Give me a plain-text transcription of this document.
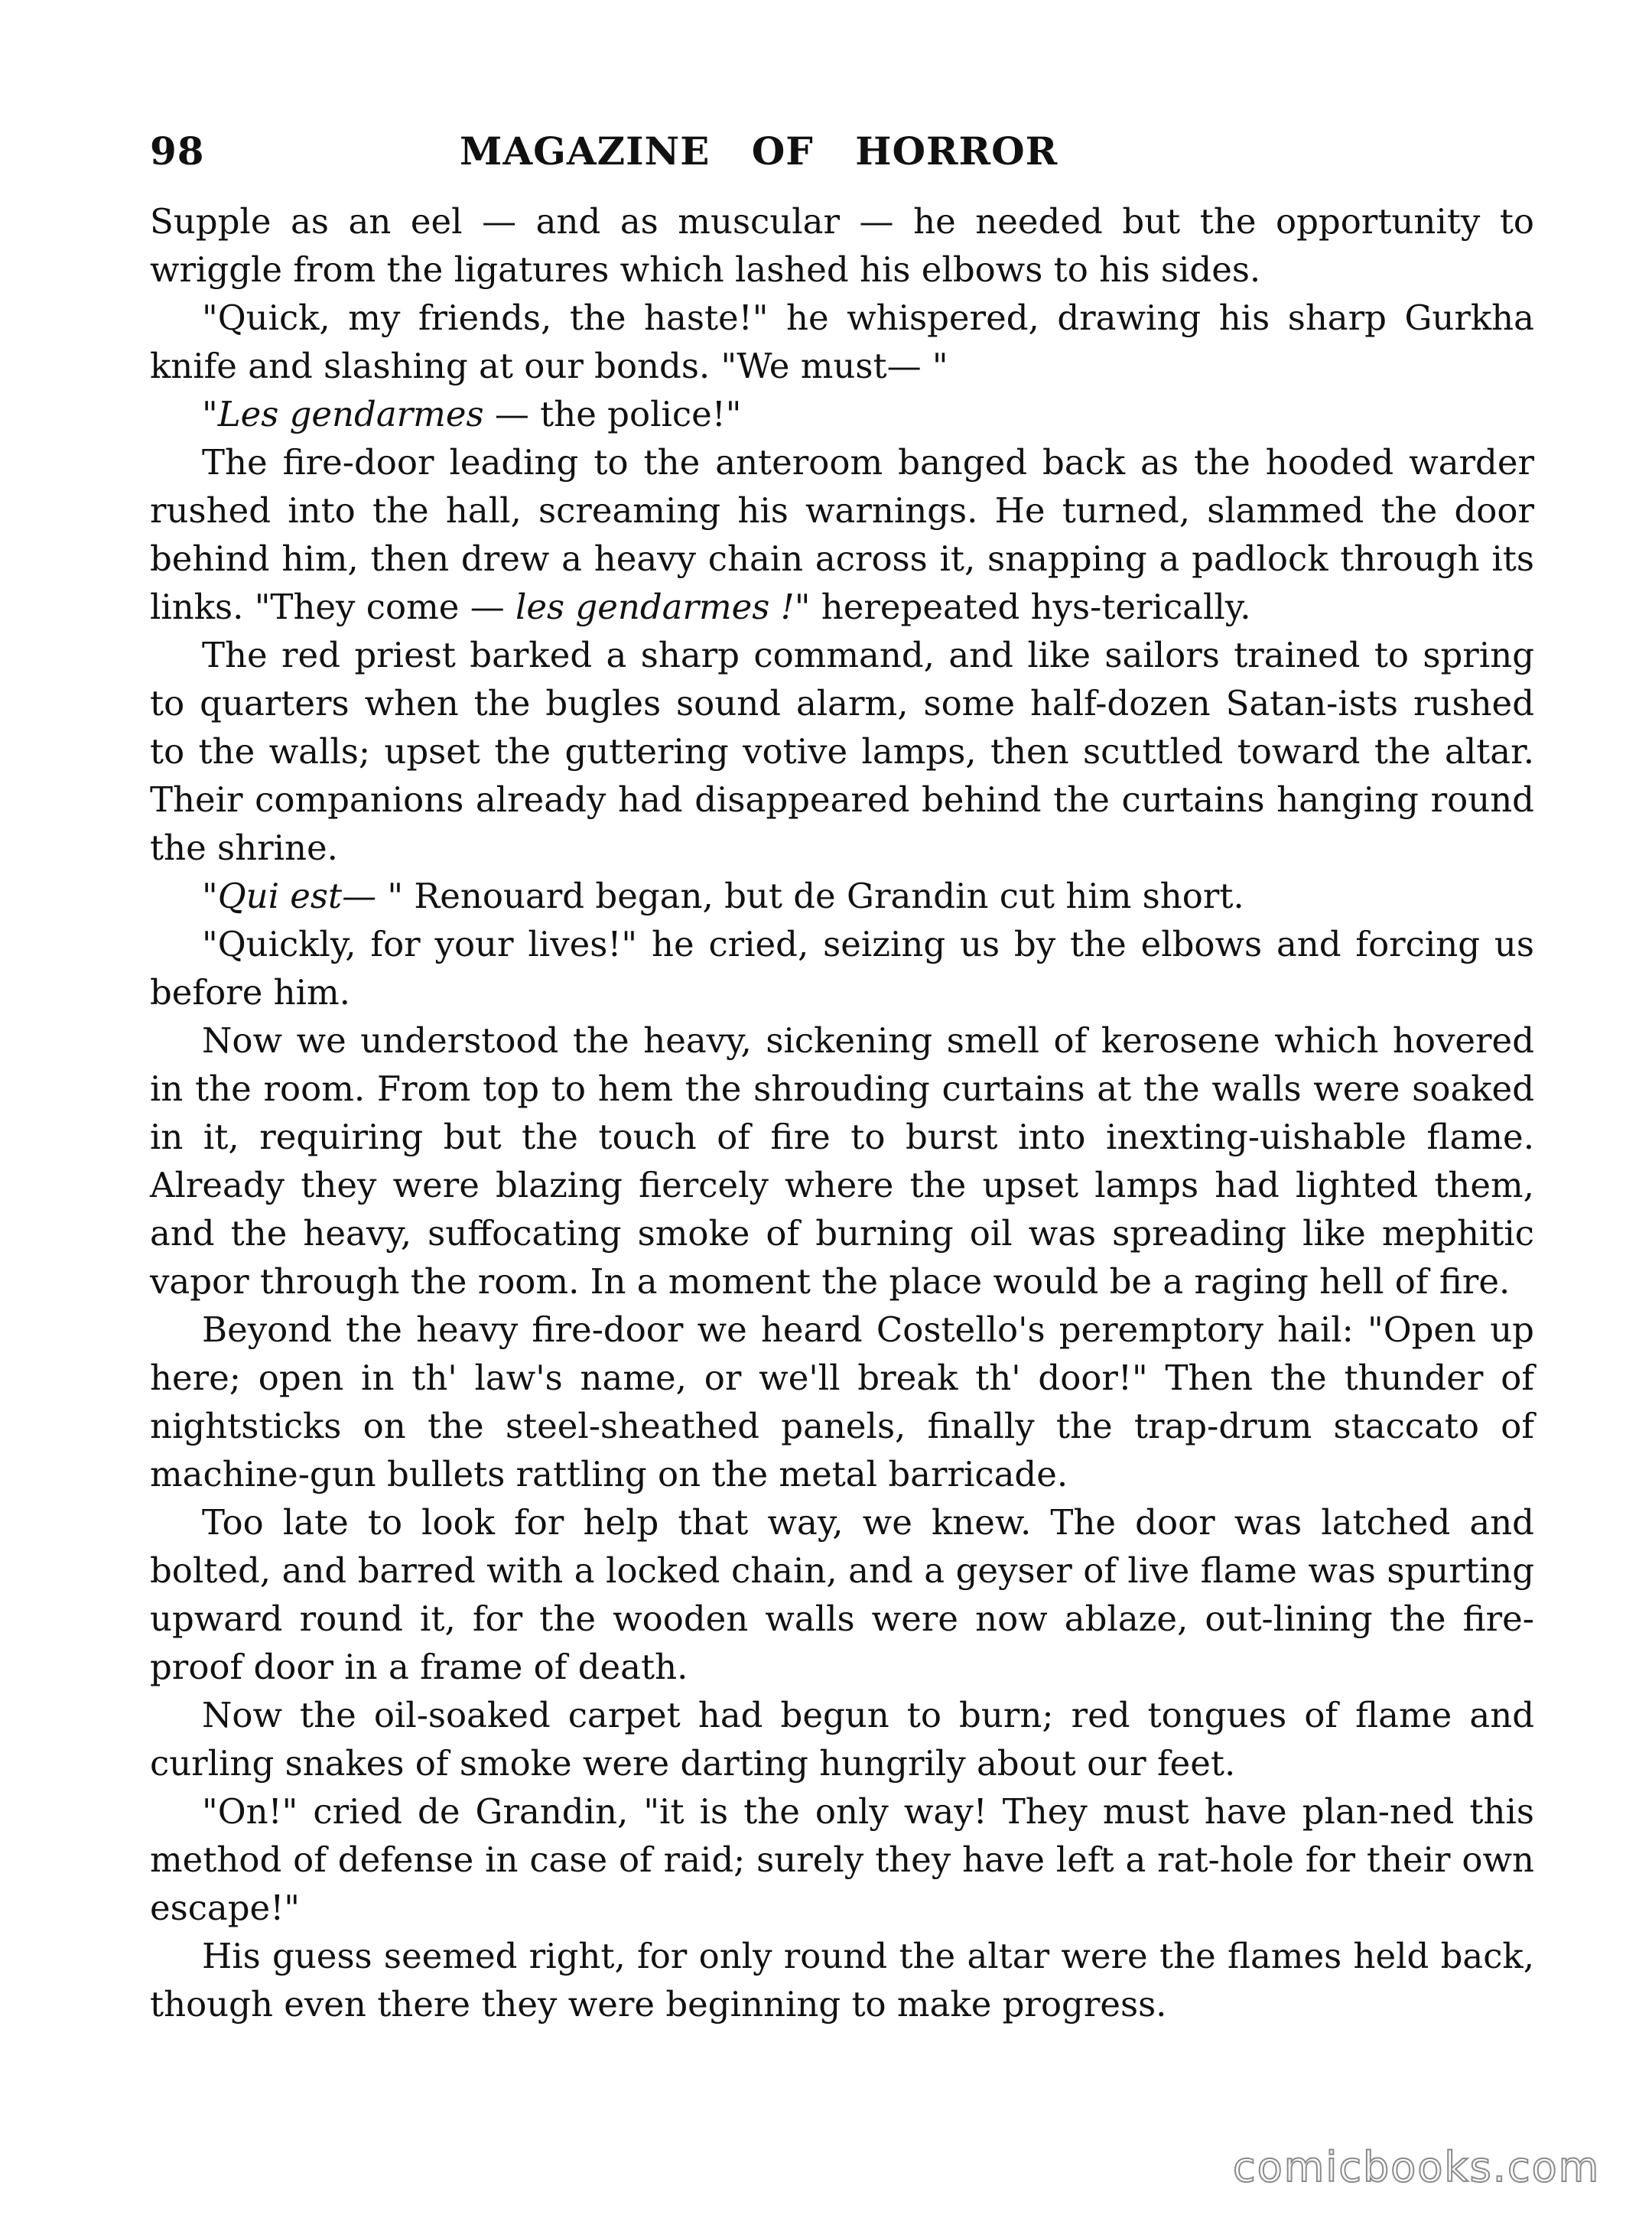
98	MAGAZINE OF HORROR

Supple as an eel — and as muscular — he needed but the opportunity to wriggle from the ligatures which lashed his elbows to his sides.

"Quick, my friends, the haste!" he whispered, drawing his sharp Gurkha knife and slashing at our bonds. "We must— "

"Les gendarmes — the police!"

The fire-door leading to the anteroom banged back as the hooded warder rushed into the hall, screaming his warnings. He turned, slammed the door behind him, then drew a heavy chain across it, snapping a padlock through its links. "They come — les gendarmes !" herepeated hys-terically.

The red priest barked a sharp command, and like sailors trained to spring to quarters when the bugles sound alarm, some half-dozen Satan-ists rushed to the walls; upset the guttering votive lamps, then scuttled toward the altar. Their companions already had disappeared behind the curtains hanging round the shrine.

"Qui est— " Renouard began, but de Grandin cut him short.

"Quickly, for your lives!" he cried, seizing us by the elbows and forcing us before him.

Now we understood the heavy, sickening smell of kerosene which hovered in the room. From top to hem the shrouding curtains at the walls were soaked in it, requiring but the touch of fire to burst into inexting-uishable flame. Already they were blazing fiercely where the upset lamps had lighted them, and the heavy, suffocating smoke of burning oil was spreading like mephitic vapor through the room. In a moment the place would be a raging hell of fire.

Beyond the heavy fire-door we heard Costello's peremptory hail: "Open up here; open in th' law's name, or we'll break th' door!" Then the thunder of nightsticks on the steel-sheathed panels, finally the trap-drum staccato of machine-gun bullets rattling on the metal barricade.

Too late to look for help that way, we knew. The door was latched and bolted, and barred with a locked chain, and a geyser of live flame was spurting upward round it, for the wooden walls were now ablaze, out-lining the fire-proof door in a frame of death.

Now the oil-soaked carpet had begun to burn; red tongues of flame and curling snakes of smoke were darting hungrily about our feet.

"On!" cried de Grandin, "it is the only way! They must have plan-ned this method of defense in case of raid; surely they have left a rat-hole for their own escape!"

His guess seemed right, for only round the altar were the flames held back, though even there they were beginning to make progress.

comicbooks.com
